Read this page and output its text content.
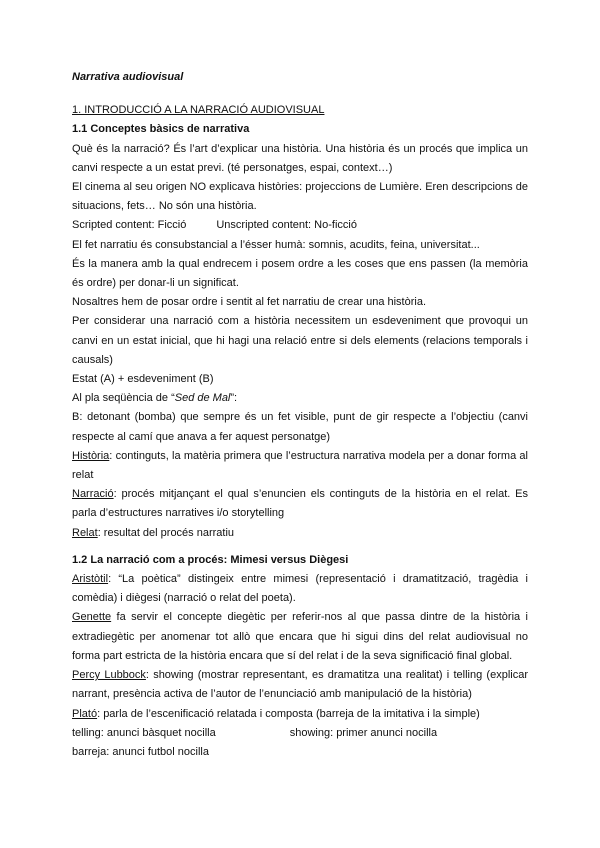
Narrativa audiovisual

1. INTRODUCCIÓ A LA NARRACIÓ AUDIOVISUAL

1.1 Conceptes bàsics de narrativa

Què és la narració? És l’art d’explicar una història. Una història és un procés que implica un canvi respecte a un estat previ. (té personatges, espai, context…)

El cinema al seu origen NO explicava històries: projeccions de Lumière. Eren descripcions de situacions, fets… No són una història.

Scripted content: Ficció	Unscripted content: No-ficció

El fet narratiu és consubstancial a l’ésser humà: somnis, acudits, feina, universitat...

És la manera amb la qual endrecem i posem ordre a les coses que ens passen (la memòria és ordre) per donar-li un significat.

Nosaltres hem de posar ordre i sentit al fet narratiu de crear una història.

Per considerar una narració com a història necessitem un esdeveniment que provoqui un canvi en un estat inicial, que hi hagi una relació entre si dels elements (relacions temporals i causals)

Estat (A) + esdeveniment (B)

Al pla seqüència de “Sed de Mal”:

B: detonant (bomba) que sempre és un fet visible, punt de gir respecte a l’objectiu (canvi respecte al camí que anava a fer aquest personatge)

Història: continguts, la matèria primera que l’estructura narrativa modela per a donar forma al relat

Narració: procés mitjançant el qual s’enuncien els continguts de la història en el relat. Es parla d’estructures narratives i/o storytelling

Relat: resultat del procés narratiu

1.2 La narració com a procés: Mimesi versus Diègesi

Aristòtil: “La poètica” distingeix entre mimesi (representació i dramatització, tragèdia i comèdia) i diègesi (narració o relat del poeta).

Genette fa servir el concepte diegètic per referir-nos al que passa dintre de la història i extradiegètic per anomenar tot allò que encara que hi sigui dins del relat audiovisual no forma part estricta de la història encara que sí del relat i de la seva significació final global.

Percy Lubbock: showing (mostrar representant, es dramatitza una realitat) i telling (explicar narrant, presència activa de l’autor de l’enunciació amb manipulació de la història)

Plató: parla de l’escenificació relatada i composta (barreja de la imitativa i la simple)

telling: anunci bàsquet nocilla	showing: primer anunci nocilla

barreja: anunci futbol nocilla
